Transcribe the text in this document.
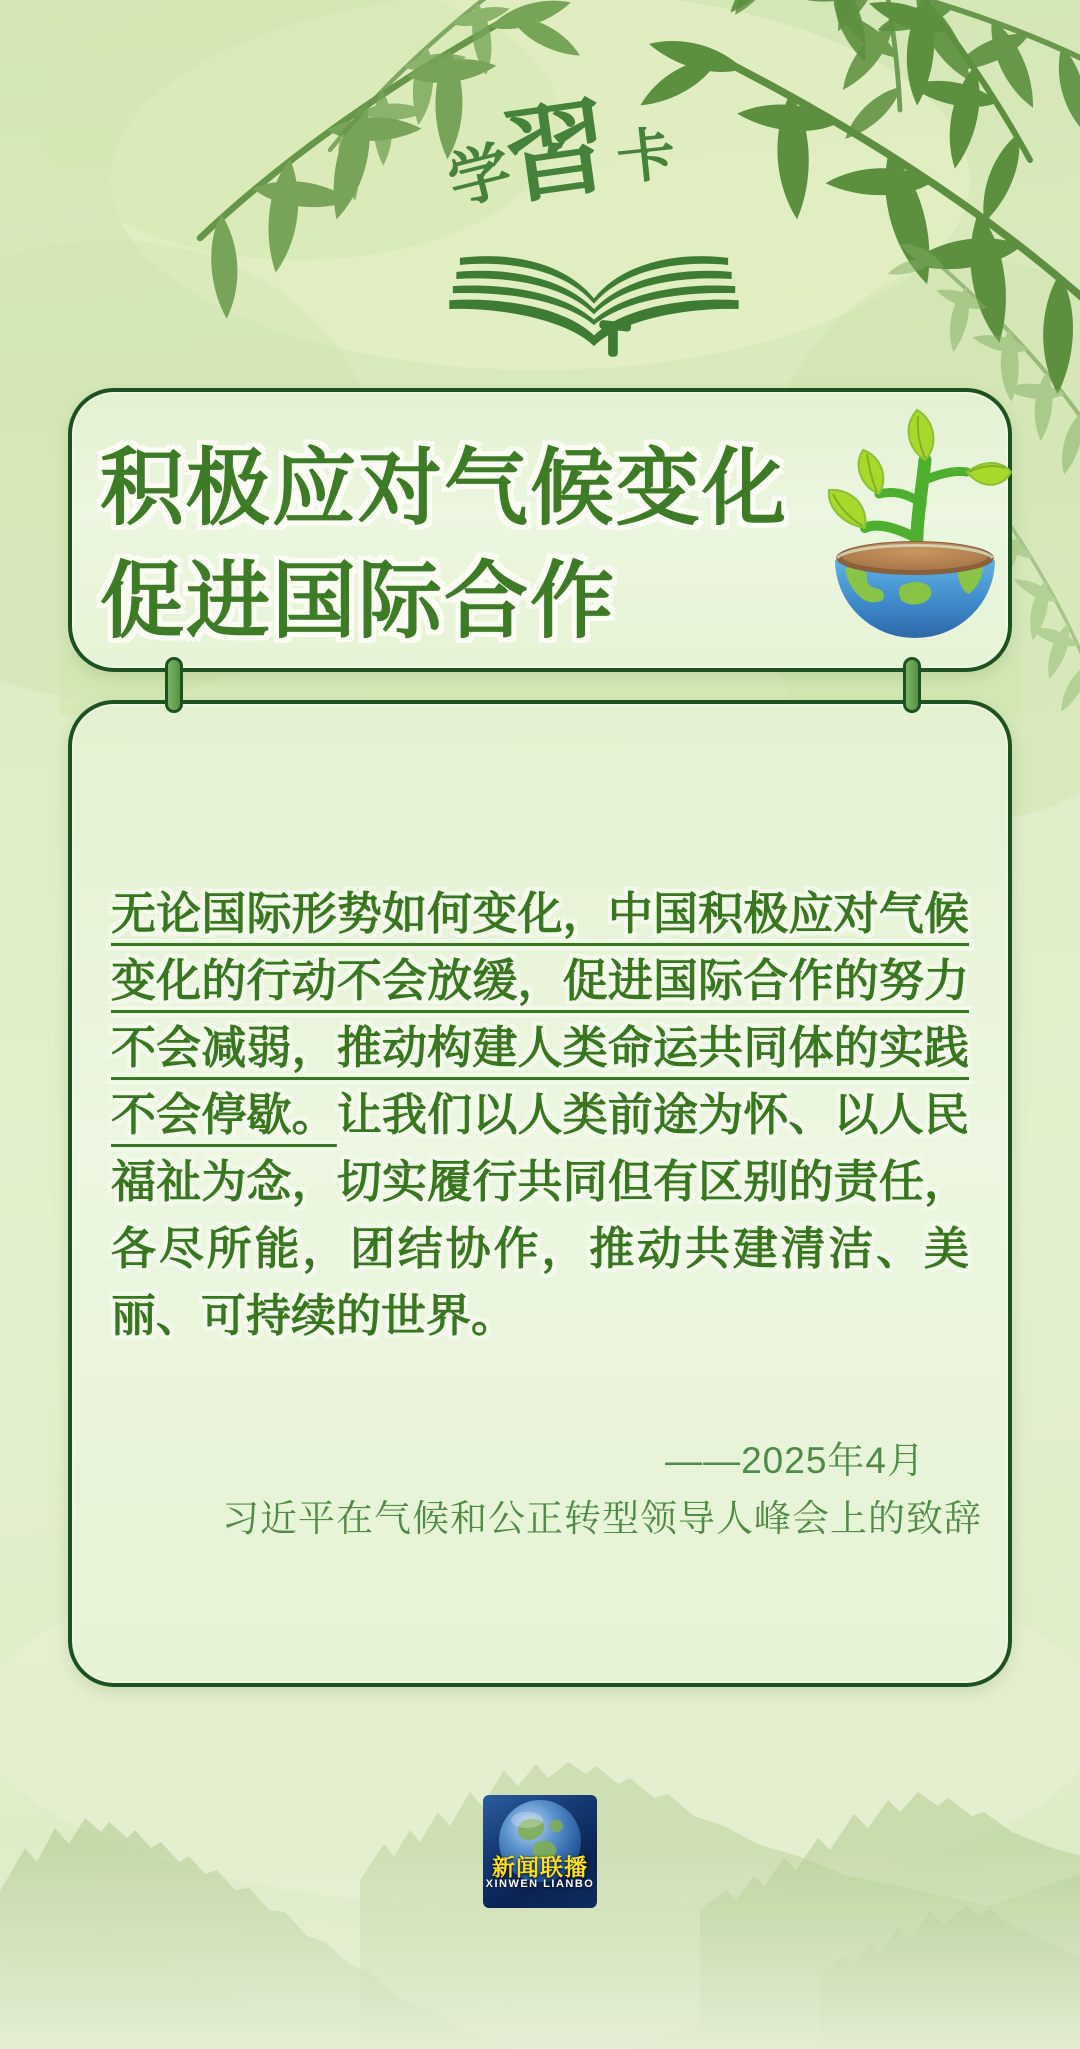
学
習
卡
积极应对气候变化
促进国际合作

无论国际形势如何变化，中国积极应对气候变化的行动不会放缓，促进国际合作的努力不会减弱，推动构建人类命运共同体的实践不会停歇。让我们以人类前途为怀、以人民福祉为念，切实履行共同但有区别的责任，各尽所能，团结协作，推动共建清洁、美丽、可持续的世界。

——2025年4月
习近平在气候和公正转型领导人峰会上的致辞
新闻联播
XINWEN LIANBO
